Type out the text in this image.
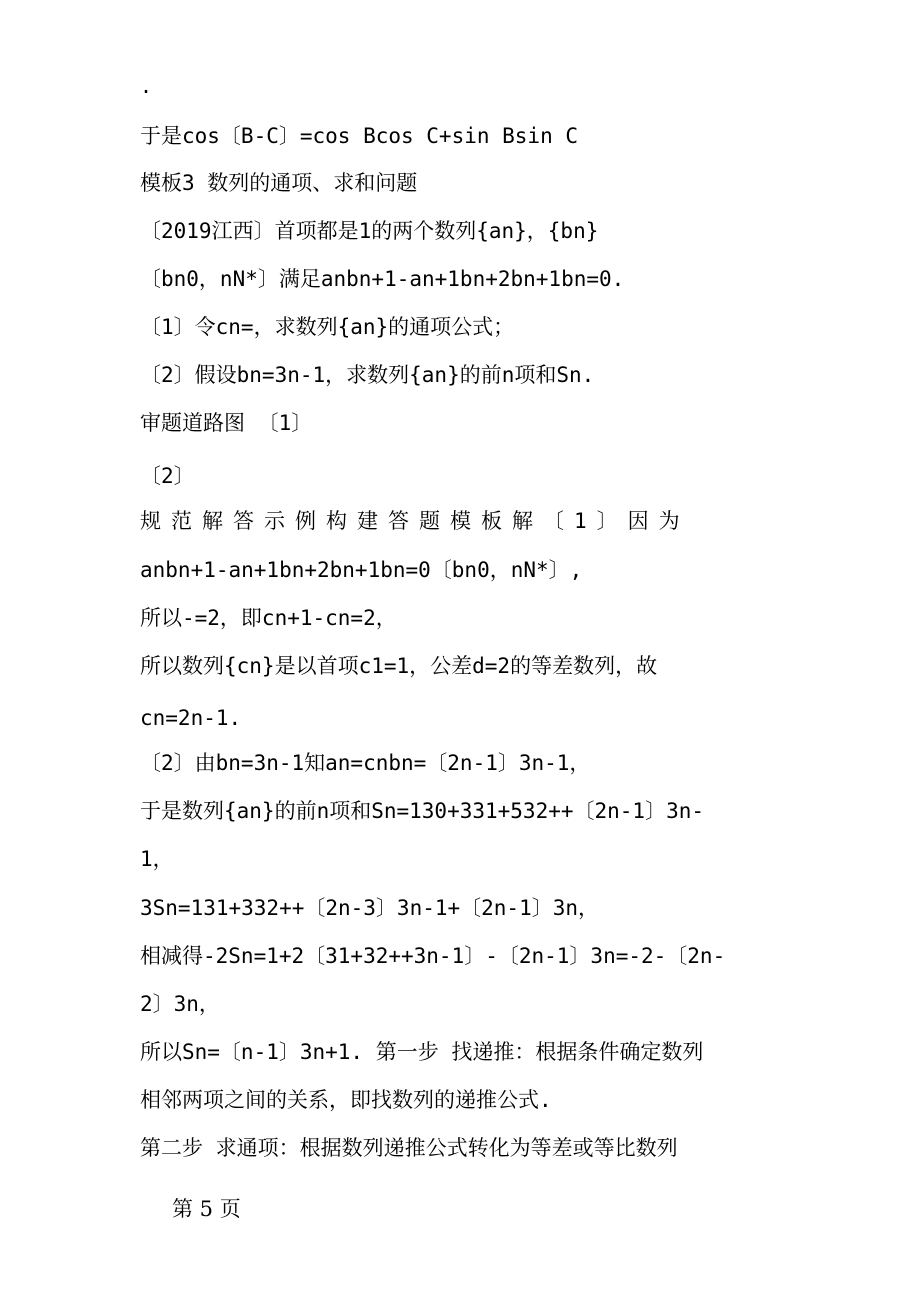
.
于是cos〔B-C〕=cos Bcos C+sin Bsin C
模板3 数列的通项、求和问题
〔2019江西〕首项都是1的两个数列{an}，{bn}
〔bn0，nN*〕满足anbn+1-an+1bn+2bn+1bn=0.
〔1〕令cn=，求数列{an}的通项公式；
〔2〕假设bn=3n-1，求数列{an}的前n项和Sn.
审题道路图 〔1〕
〔2〕
规范解答示例构建答题模板解〔1〕因为
anbn+1-an+1bn+2bn+1bn=0〔bn0，nN*〕,
所以-=2，即cn+1-cn=2，
所以数列{cn}是以首项c1=1，公差d=2的等差数列，故
cn=2n-1.
〔2〕由bn=3n-1知an=cnbn=〔2n-1〕3n-1，
于是数列{an}的前n项和Sn=130+331+532++〔2n-1〕3n-
1，
3Sn=131+332++〔2n-3〕3n-1+〔2n-1〕3n，
相减得-2Sn=1+2〔31+32++3n-1〕-〔2n-1〕3n=-2-〔2n-
2〕3n，
所以Sn=〔n-1〕3n+1. 第一步 找递推：根据条件确定数列
相邻两项之间的关系，即找数列的递推公式.
第二步 求通项：根据数列递推公式转化为等差或等比数列
第 5 页
